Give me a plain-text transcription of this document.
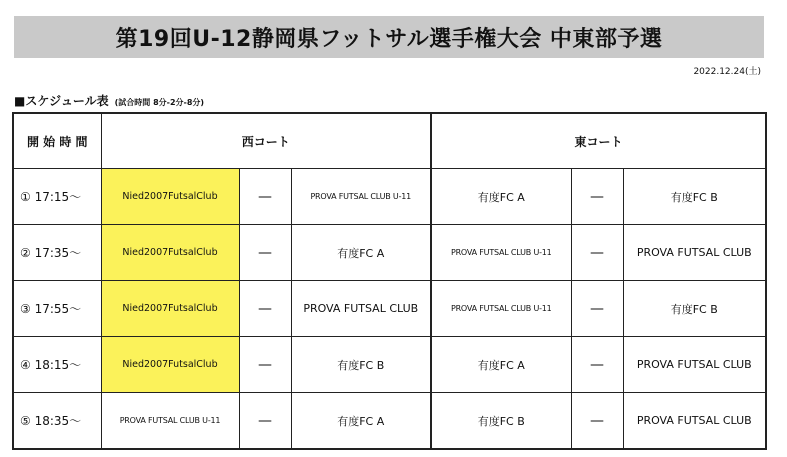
第19回U-12静岡県フットサル選手権大会 中東部予選
2022.12.24(土)
■スケジュール表 (試合時間 8分-2分-8分)
開 始 時 間	西コート			東コート		
① 17:15～	Nied2007FutsalClub	—	PROVA FUTSAL CLUB U-11	有度FC A	—	有度FC B
② 17:35～	Nied2007FutsalClub	—	有度FC A	PROVA FUTSAL CLUB U-11	—	PROVA FUTSAL CLUB
③ 17:55～	Nied2007FutsalClub	—	PROVA FUTSAL CLUB	PROVA FUTSAL CLUB U-11	—	有度FC B
④ 18:15～	Nied2007FutsalClub	—	有度FC B	有度FC A	—	PROVA FUTSAL CLUB
⑤ 18:35～	PROVA FUTSAL CLUB U-11	—	有度FC A	有度FC B	—	PROVA FUTSAL CLUB
